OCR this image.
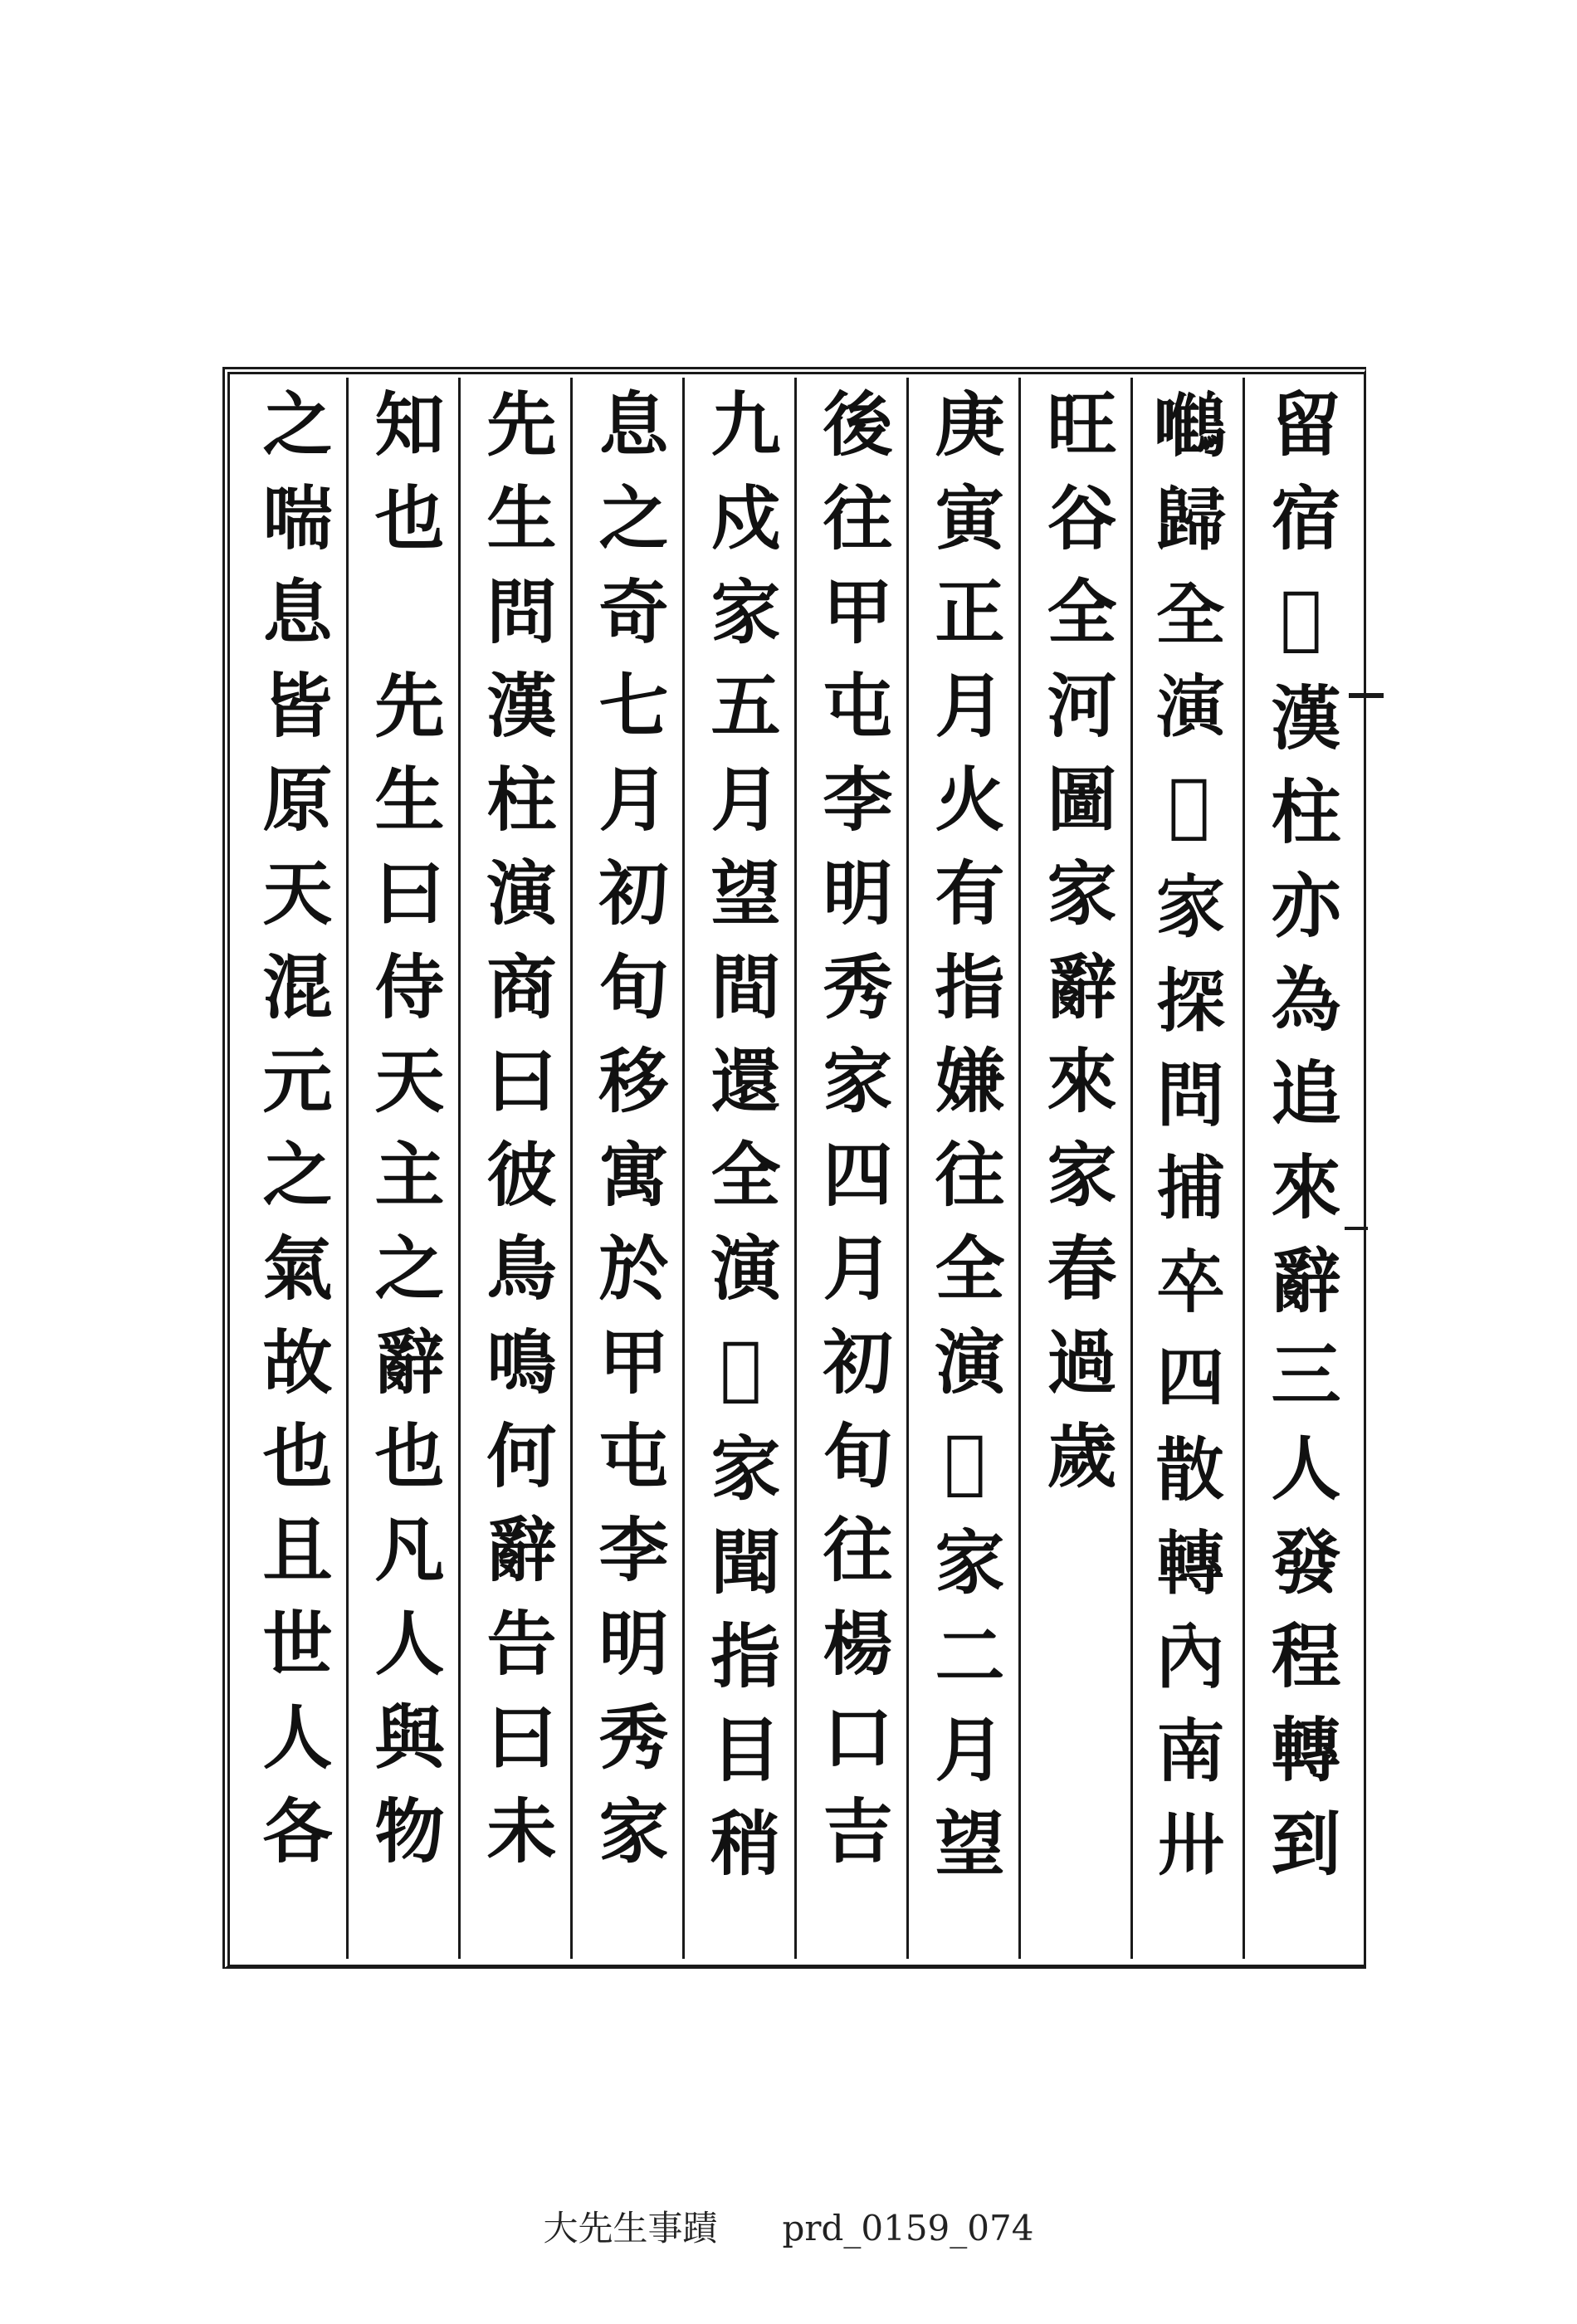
留宿𥙊漢柱亦為追來辭三人發程轉到
𪄼歸全演𪆣家探問捕卒四散轉內南卅
旺谷全河圖家辭來家春過歲
庚寅正月火有指嫌往全演𪆣家二月望
後往甲屯李明秀家四月初旬往楊口吉
九戍家五月望間還全演𪆣家聞指目稍
息之奇七月初旬移寓於甲屯李明秀家
先生問漢柱演商曰彼鳥鳴何辭告曰未
知也　先生曰侍天主之辭也凡人與物
之喘息皆原天混元之氣故也且世人各
大先生事蹟 prd_0159_074
